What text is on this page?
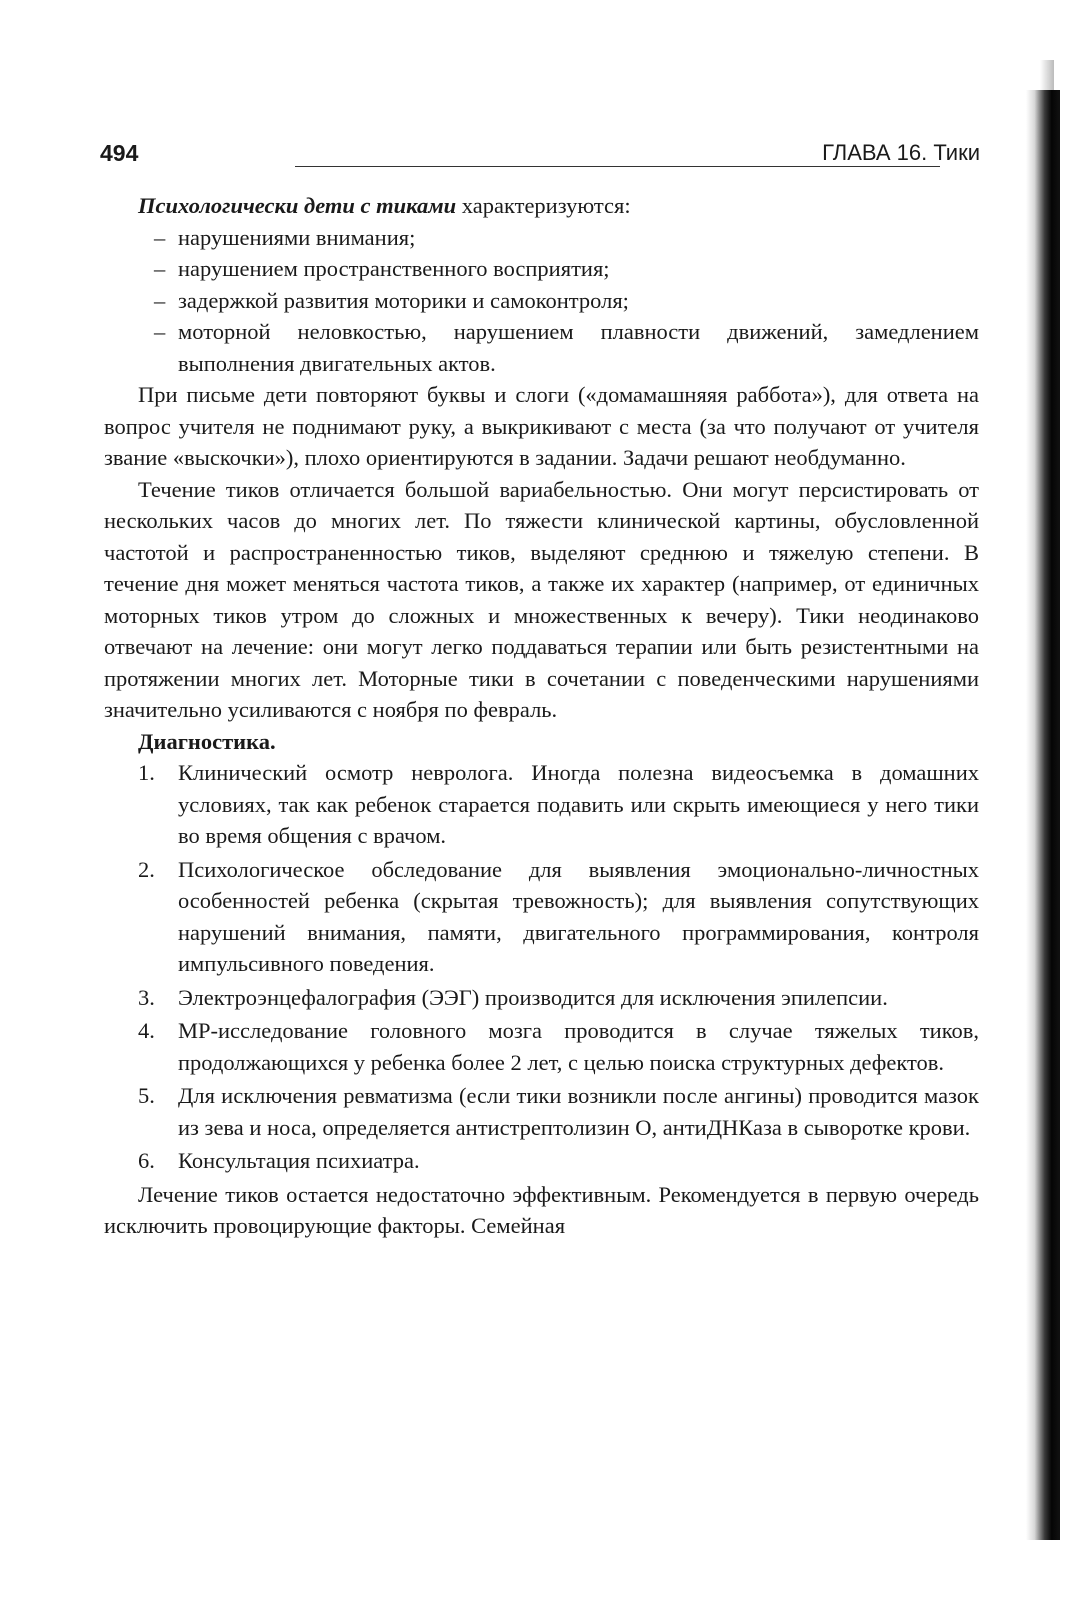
494	ГЛАВА 16. Тики

Психологически дети с тиками характеризуются:

– нарушениями внимания;
– нарушением пространственного восприятия;
– задержкой развития моторики и самоконтроля;
– моторной неловкостью, нарушением плавности движений, замедлением выполнения двигательных актов.

При письме дети повторяют буквы и слоги («домамашняяя раббота»), для ответа на вопрос учителя не поднимают руку, а выкрикивают с места (за что получают от учителя звание «выскочки»), плохо ориентируются в задании. Задачи решают необдуманно.

Течение тиков отличается большой вариабельностью. Они могут персистировать от нескольких часов до многих лет. По тяжести клинической картины, обусловленной частотой и распространенностью тиков, выделяют среднюю и тяжелую степени. В течение дня может меняться частота тиков, а также их характер (например, от единичных моторных тиков утром до сложных и множественных к вечеру). Тики неодинаково отвечают на лечение: они могут легко поддаваться терапии или быть резистентными на протяжении многих лет. Моторные тики в сочетании с поведенческими нарушениями значительно усиливаются с ноября по февраль.

Диагностика.
1. Клинический осмотр невролога. Иногда полезна видеосъемка в домашних условиях, так как ребенок старается подавить или скрыть имеющиеся у него тики во время общения с врачом.
2. Психологическое обследование для выявления эмоционально-личностных особенностей ребенка (скрытая тревожность); для выявления сопутствующих нарушений внимания, памяти, двигательного программирования, контроля импульсивного поведения.
3. Электроэнцефалография (ЭЭГ) производится для исключения эпилепсии.
4. МР-исследование головного мозга проводится в случае тяжелых тиков, продолжающихся у ребенка более 2 лет, с целью поиска структурных дефектов.
5. Для исключения ревматизма (если тики возникли после ангины) проводится мазок из зева и носа, определяется антистрептолизин О, антиДНКаза в сыворотке крови.
6. Консультация психиатра.

Лечение тиков остается недостаточно эффективным. Рекомендуется в первую очередь исключить провоцирующие факторы. Семейная
